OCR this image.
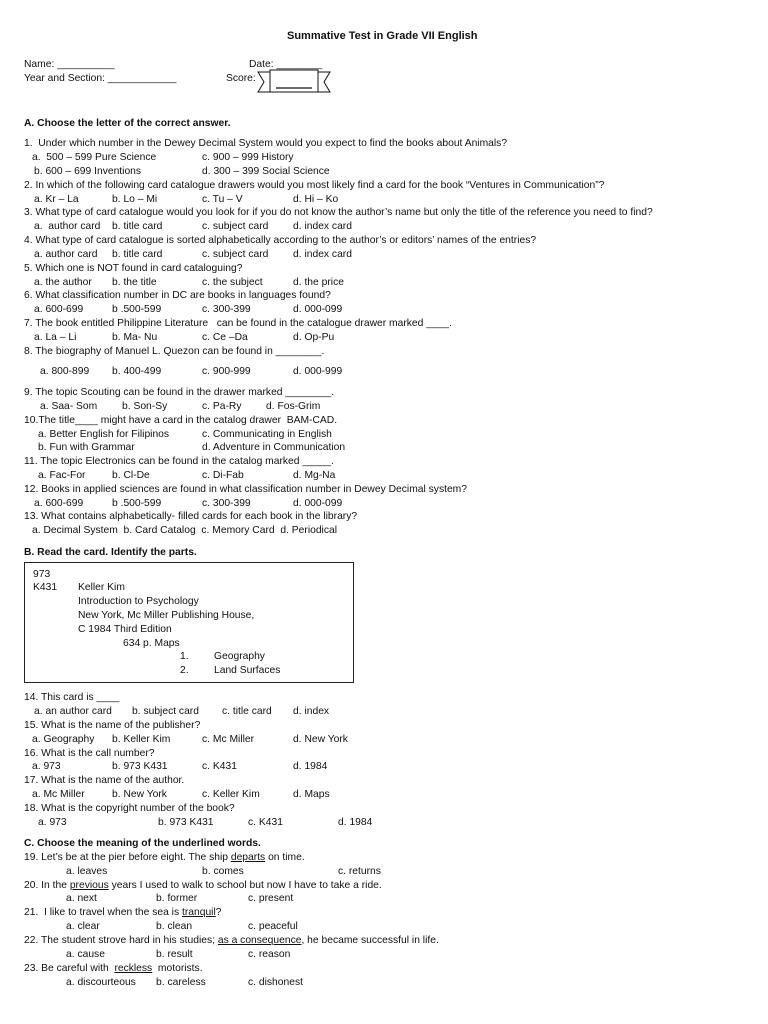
Summative Test in Grade VII English
Name: __________	Date: ________
Year and Section: ____________	Score:
A. Choose the letter of the correct answer.
1.  Under which number in the Dewey Decimal System would you expect to find the books about Animals?
a.  500 – 599 Pure Science	c. 900 – 999 History
b. 600 – 699 Inventions	d. 300 – 399 Social Science
2. In which of the following card catalogue drawers would you most likely find a card for the book “Ventures in Communication”?
a. Kr – La	b. Lo – Mi	c. Tu – V	d. Hi – Ko
3. What type of card catalogue would you look for if you do not know the author’s name but only the title of the reference you need to find?
a.  author card b. title card	c. subject card d. index card
4. What type of card catalogue is sorted alphabetically according to the author’s or editors’ names of the entries?
a. author card b. title card	c. subject card d. index card
5. Which one is NOT found in card cataloguing?
a. the author b. the title	c. the subject	d. the price
6. What classification number in DC are books in languages found?
a. 600-699	b .500-599	c. 300-399	d. 000-099
7. The book entitled Philippine Literature   can be found in the catalogue drawer marked ____.
a. La – Li	b. Ma- Nu	c. Ce –Da	d. Op-Pu
8. The biography of Manuel L. Quezon can be found in ________.
a. 800-899 b. 400-499	c. 900-999	d. 000-999
9. The topic Scouting can be found in the drawer marked ________.
a. Saa- Som b. Son-Sy	c. Pa-Ry d. Fos-Grim
10.The title____ might have a card in the catalog drawer  BAM-CAD.
a. Better English for Filipinos	c. Communicating in English
b. Fun with Grammar	d. Adventure in Communication
11. The topic Electronics can be found in the catalog marked _____.
a. Fac-For	b. Cl-De	c. Di-Fab	d. Mg-Na
12. Books in applied sciences are found in what classification number in Dewey Decimal system?
a. 600-699	b .500-599	c. 300-399	d. 000-099
13. What contains alphabetically- filled cards for each book in the library?
a. Decimal System  b. Card Catalog  c. Memory Card  d. Periodical
B. Read the card. Identify the parts.
973
K431 Keller Kim
Introduction to Psychology
New York, Mc Miller Publishing House,
C 1984 Third Edition
634 p. Maps
1. Geography
2. Land Surfaces
14. This card is ____
a. an author card b. subject card c. title card d. index
15. What is the name of the publisher?
a. Geography b. Keller Kim	c. Mc Miller	d. New York
16. What is the call number?
a. 973	b. 973 K431	c. K431	d. 1984
17. What is the name of the author.
a. Mc Miller	b. New York	c. Keller Kim	d. Maps
18. What is the copyright number of the book?
a. 973	b. 973 K431	c. K431	d. 1984
C. Choose the meaning of the underlined words.
19. Let’s be at the pier before eight. The ship departs on time.
a. leaves	b. comes	c. returns
20. In the previous years I used to walk to school but now I have to take a ride.
a. next	b. former	c. present
21.  I like to travel when the sea is tranquil?
a. clear	b. clean	c. peaceful
22. The student strove hard in his studies; as a consequence, he became successful in life.
a. cause	b. result	c. reason
23. Be careful with  reckless  motorists.
a. discourteous b. careless	c. dishonest
